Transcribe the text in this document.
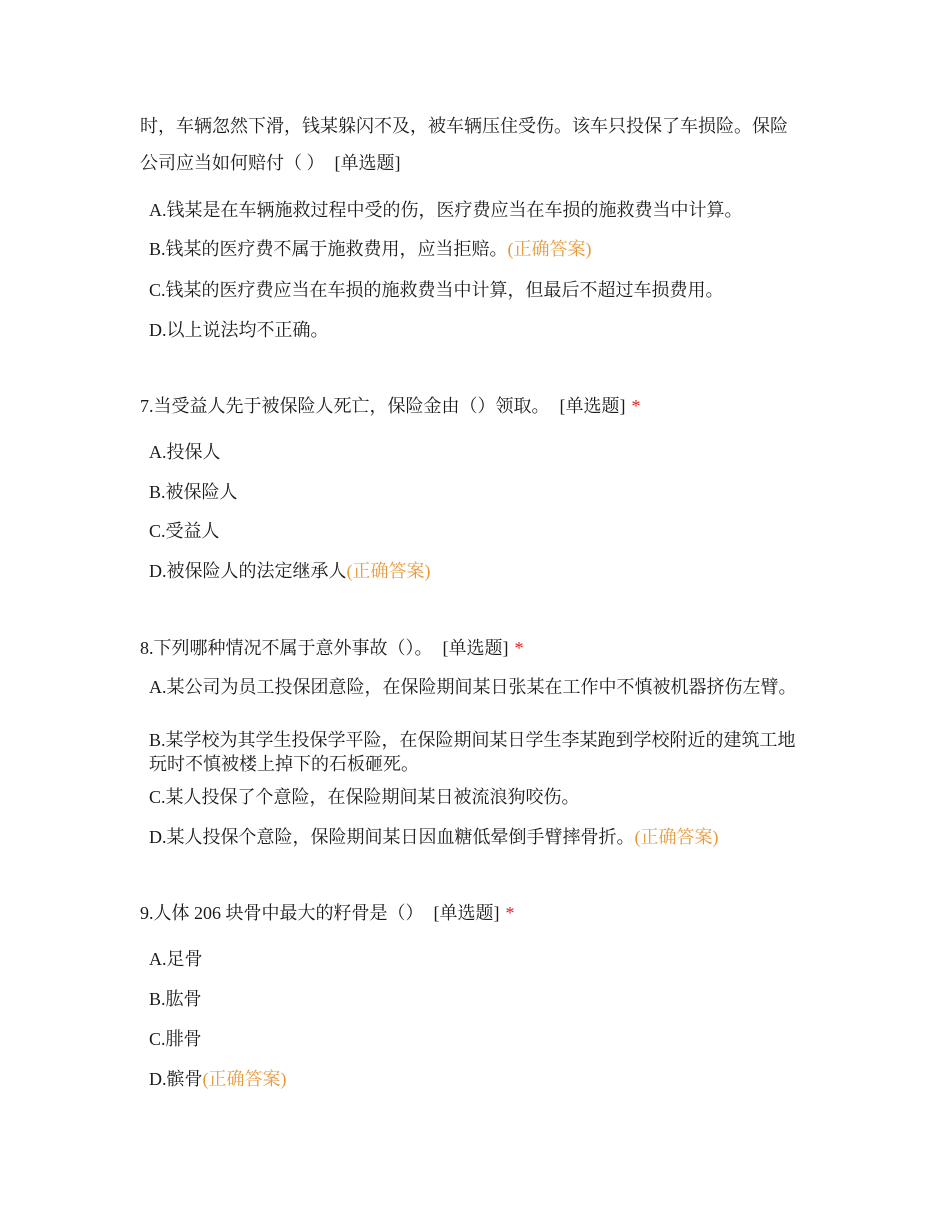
时，车辆忽然下滑，钱某躲闪不及，被车辆压住受伤。该车只投保了车损险。保险
公司应当如何赔付（ ） [单选题]
A.钱某是在车辆施救过程中受的伤，医疗费应当在车损的施救费当中计算。
B.钱某的医疗费不属于施救费用，应当拒赔。(正确答案)
C.钱某的医疗费应当在车损的施救费当中计算，但最后不超过车损费用。
D.以上说法均不正确。
7.当受益人先于被保险人死亡，保险金由（）领取。 [单选题] *
A.投保人
B.被保险人
C.受益人
D.被保险人的法定继承人(正确答案)
8.下列哪种情况不属于意外事故（）。 [单选题] *
A.某公司为员工投保团意险，在保险期间某日张某在工作中不慎被机器挤伤左臂。
B.某学校为其学生投保学平险，在保险期间某日学生李某跑到学校附近的建筑工地玩时不慎被楼上掉下的石板砸死。
C.某人投保了个意险，在保险期间某日被流浪狗咬伤。
D.某人投保个意险，保险期间某日因血糖低晕倒手臂摔骨折。(正确答案)
9.人体 206 块骨中最大的籽骨是（） [单选题] *
A.足骨
B.肱骨
C.腓骨
D.髌骨(正确答案)
